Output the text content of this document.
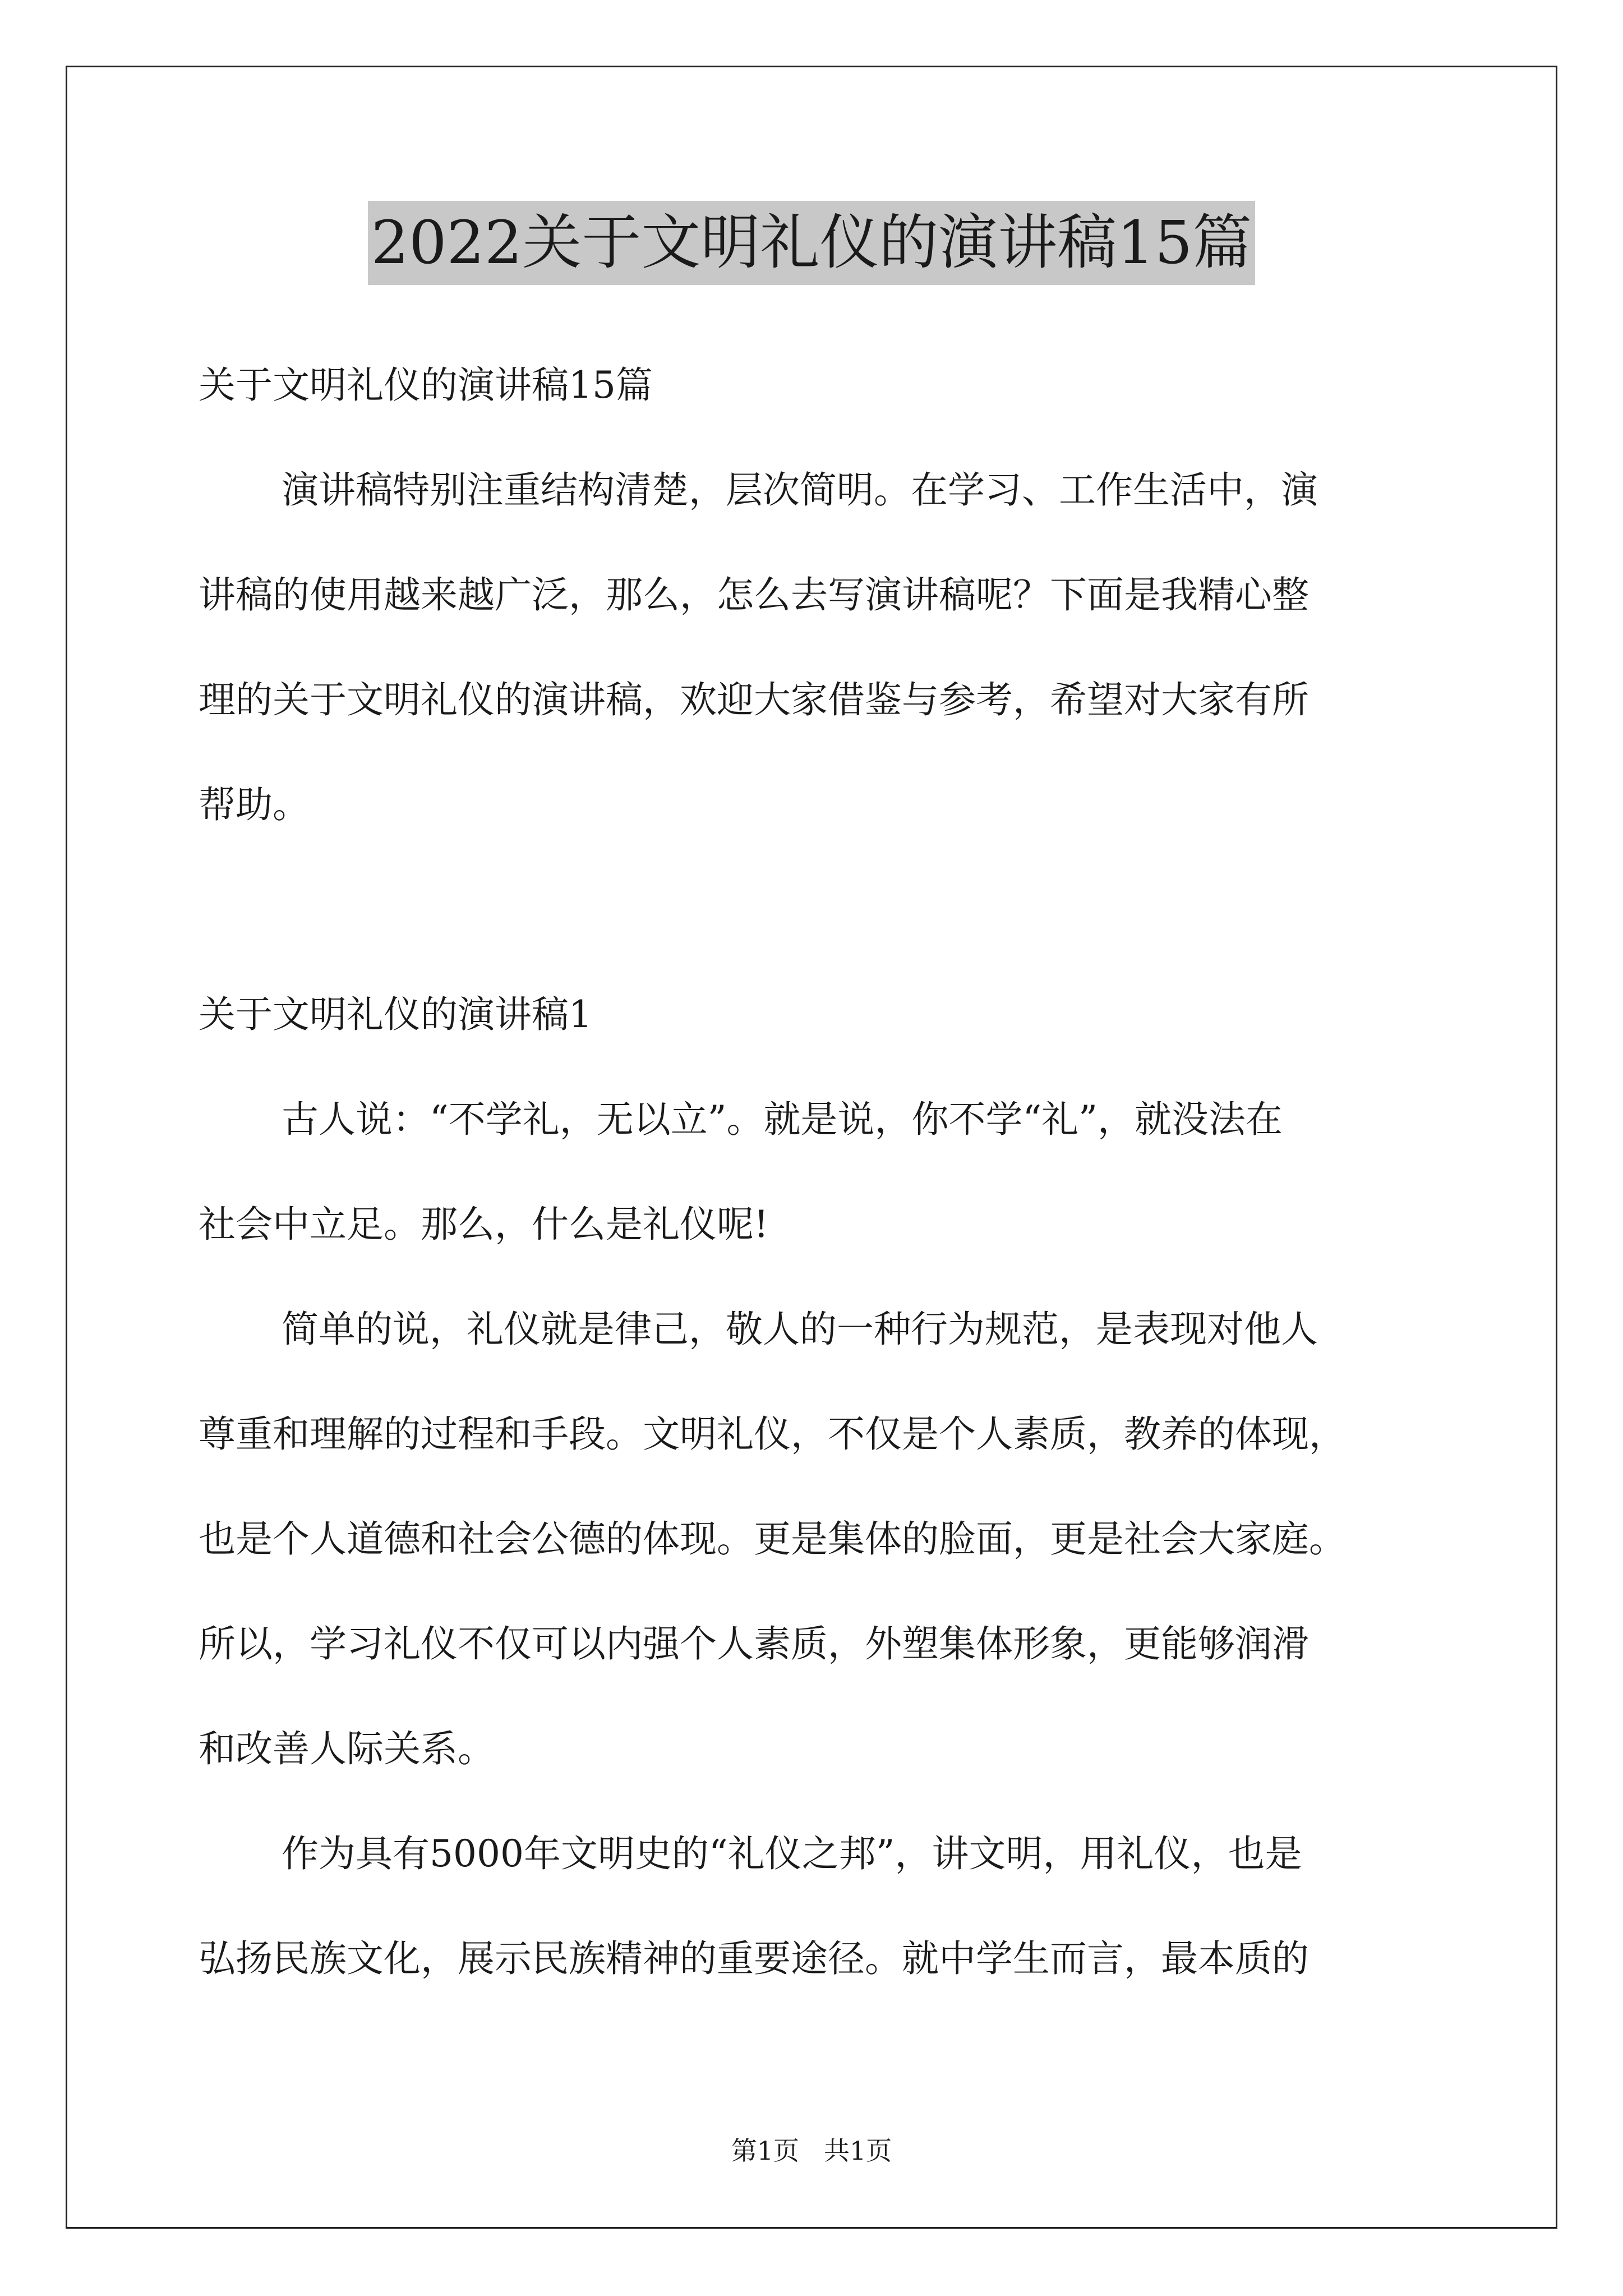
2022关于文明礼仪的演讲稿15篇
关于文明礼仪的演讲稿15篇
演讲稿特别注重结构清楚，层次简明。在学习、工作生活中，演
讲稿的使用越来越广泛，那么，怎么去写演讲稿呢？下面是我精心整
理的关于文明礼仪的演讲稿，欢迎大家借鉴与参考，希望对大家有所
帮助。
关于文明礼仪的演讲稿1
古人说：“不学礼，无以立”。就是说，你不学“礼”，就没法在
社会中立足。那么，什么是礼仪呢!
简单的说，礼仪就是律己，敬人的一种行为规范，是表现对他人
尊重和理解的过程和手段。文明礼仪，不仅是个人素质，教养的体现，
也是个人道德和社会公德的体现。更是集体的脸面，更是社会大家庭。
所以，学习礼仪不仅可以内强个人素质，外塑集体形象，更能够润滑
和改善人际关系。
作为具有5000年文明史的“礼仪之邦”，讲文明，用礼仪，也是
弘扬民族文化，展示民族精神的重要途径。就中学生而言，最本质的
第1页 共1页
